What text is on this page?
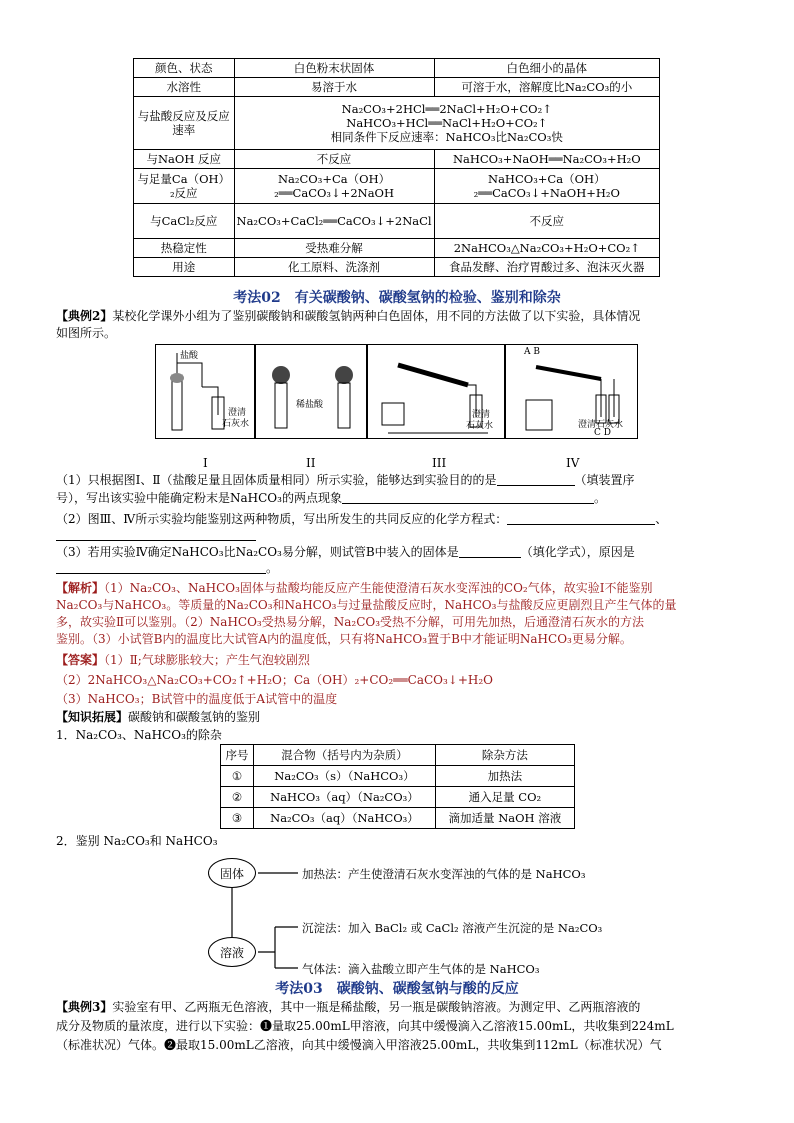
颜色、状态	白色粉末状固体	白色细小的晶体
水溶性	易溶于水	可溶于水，溶解度比Na₂CO₃的小
与盐酸反应及反应速率	Na₂CO₃+2HCl══2NaCl+H₂O+CO₂↑
NaHCO₃+HCl══NaCl+H₂O+CO₂↑
相同条件下反应速率：NaHCO₃比Na₂CO₃快	
与NaOH 反应	不反应	NaHCO₃+NaOH══Na₂CO₃+H₂O
与足量Ca（OH）₂反应	Na₂CO₃+Ca（OH）₂══CaCO₃↓+2NaOH	NaHCO₃+Ca（OH）₂══CaCO₃↓+NaOH+H₂O
与CaCl₂反应	Na₂CO₃+CaCl₂══CaCO₃↓+2NaCl	不反应
热稳定性	受热难分解	2NaHCO₃△Na₂CO₃+H₂O+CO₂↑
用途	化工原料、洗涤剂	食品发酵、治疗胃酸过多、泡沫灭火器
考法02　有关碳酸钠、碳酸氢钠的检验、鉴别和除杂
【典例2】某校化学课外小组为了鉴别碳酸钠和碳酸氢钠两种白色固体，用不同的方法做了以下实验，具体情况
如图所示。
盐酸
澄清
石灰水
稀盐酸
澄清
石灰水
A B
澄清石灰水
C D
I	II	III	IV
（1）只根据图Ⅰ、Ⅱ（盐酸足量且固体质量相同）所示实验，能够达到实验目的的是	（填装置序
号），写出该实验中能确定粉末是NaHCO₃的两点现象	。
（2）图Ⅲ、Ⅳ所示实验均能鉴别这两种物质，写出所发生的共同反应的化学方程式：	、
（3）若用实验Ⅳ确定NaHCO₃比Na₂CO₃易分解，则试管B中装入的固体是	（填化学式），原因是
。
【解析】（1）Na₂CO₃、NaHCO₃固体与盐酸均能反应产生能使澄清石灰水变浑浊的CO₂气体，故实验Ⅰ不能鉴别
Na₂CO₃与NaHCO₃。等质量的Na₂CO₃和NaHCO₃与过量盐酸反应时，NaHCO₃与盐酸反应更剧烈且产生气体的量
多，故实验Ⅱ可以鉴别。（2）NaHCO₃受热易分解，Na₂CO₃受热不分解，可用先加热，后通澄清石灰水的方法
鉴别。（3）小试管B内的温度比大试管A内的温度低，只有将NaHCO₃置于B中才能证明NaHCO₃更易分解。
【答案】（1）Ⅱ;气球膨胀较大；产生气泡较剧烈
（2）2NaHCO₃△Na₂CO₃+CO₂↑+H₂O；Ca（OH）₂+CO₂══CaCO₃↓+H₂O
（3）NaHCO₃；B试管中的温度低于A试管中的温度
【知识拓展】碳酸钠和碳酸氢钠的鉴别
1．Na₂CO₃、NaHCO₃的除杂
序号	混合物（括号内为杂质）	除杂方法
①	Na₂CO₃（s）（NaHCO₃）	加热法
②	NaHCO₃（aq）（Na₂CO₃）	通入足量 CO₂
③	Na₂CO₃（aq）（NaHCO₃）	滴加适量 NaOH 溶液
2．鉴别 Na₂CO₃和 NaHCO₃
固体
溶液
加热法：产生使澄清石灰水变浑浊的气体的是 NaHCO₃
沉淀法：加入 BaCl₂ 或 CaCl₂ 溶液产生沉淀的是 Na₂CO₃
气体法：滴入盐酸立即产生气体的是 NaHCO₃
考法03　碳酸钠、碳酸氢钠与酸的反应
【典例3】实验室有甲、乙两瓶无色溶液，其中一瓶是稀盐酸，另一瓶是碳酸钠溶液。为测定甲、乙两瓶溶液的
成分及物质的量浓度，进行以下实验：❶量取25.00mL甲溶液，向其中缓慢滴入乙溶液15.00mL，共收集到224mL
（标准状况）气体。❷最取15.00mL乙溶液，向其中缓慢滴入甲溶液25.00mL，共收集到112mL（标准状况）气
